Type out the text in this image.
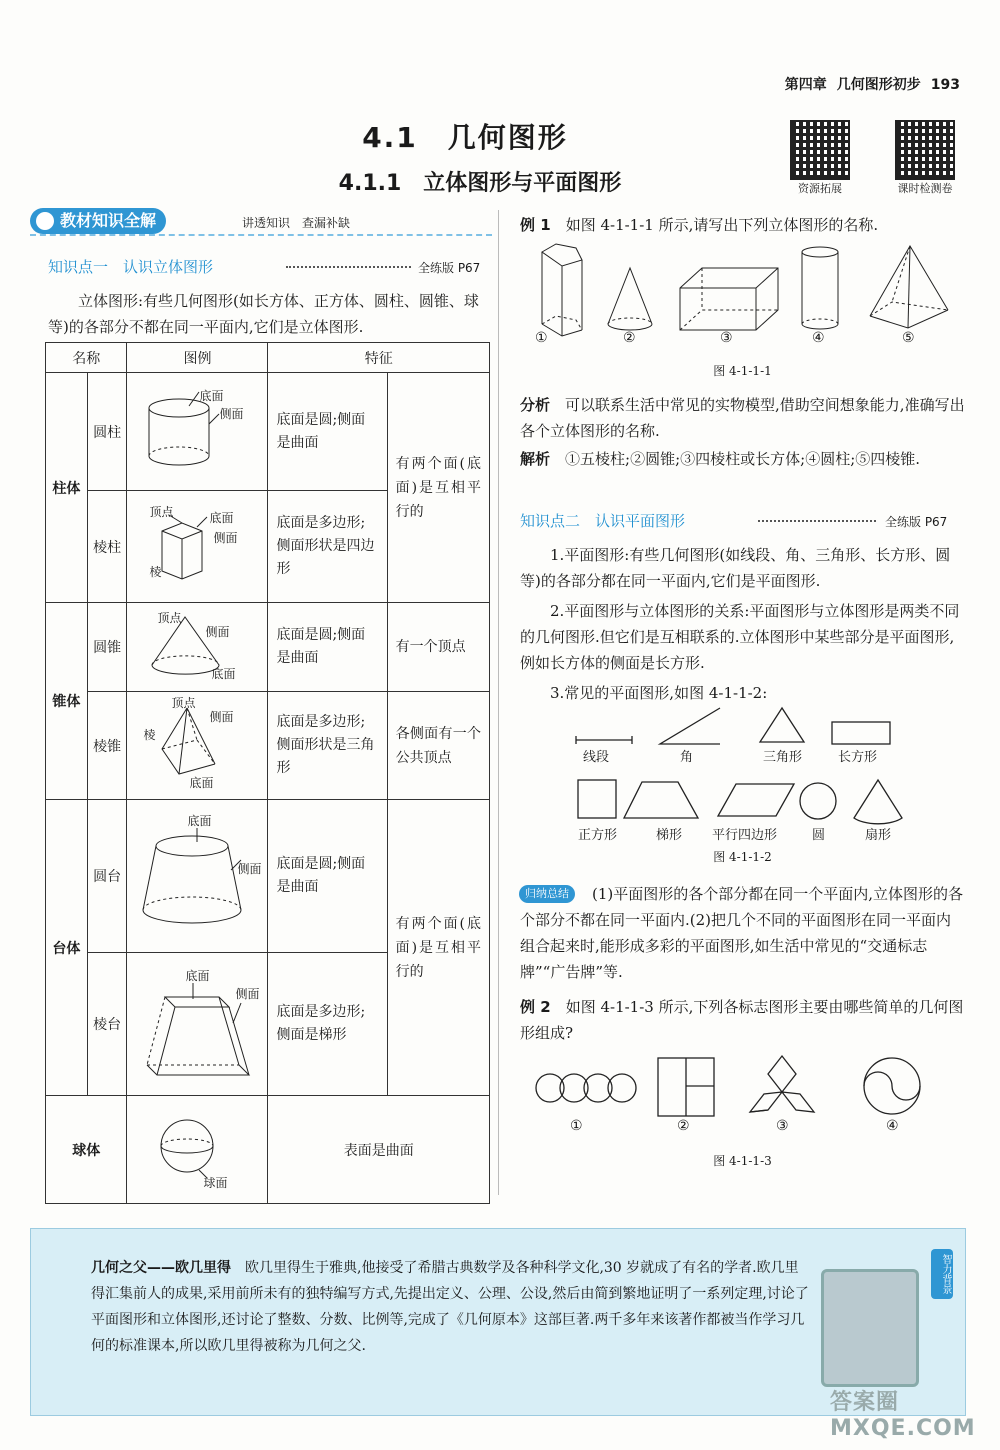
第四章 几何图形初步 193
4.1　几何图形
4.1.1　立体图形与平面图形	资源拓展	课时检测卷
教材知识全解	讲透知识　查漏补缺
知识点一　认识立体图形	全练版 P67

立体图形:有些几何图形(如长方体、正方体、圆柱、圆锥、球等)的各部分不都在同一平面内,它们是立体图形.

名称		图例	特征	
柱体	圆柱	底面
侧面	底面是圆;侧面是曲面	有两个面(底面)是互相平行的
	棱柱	顶点 底面
侧面
棱	底面是多边形;侧面形状是四边形	
锥体	圆锥	顶点
侧面
底面	底面是圆;侧面是曲面	有一个顶点
	棱锥	顶点
侧面
棱
底面	底面是多边形;侧面形状是三角形	各侧面有一个公共顶点
台体	圆台	底面
侧面	底面是圆;侧面是曲面	有两个面(底面)是互相平行的
	棱台	底面
侧面	底面是多边形;侧面是梯形	
球体		球面	表面是曲面	

例 1　 如图 4-1-1-1 所示,请写出下列立体图形的名称.

①	②	③	④	⑤
图 4-1-1-1

分析　 可以联系生活中常见的实物模型,借助空间想象能力,准确写出各个立体图形的名称.

解析　 ①五棱柱;②圆锥;③四棱柱或长方体;④圆柱;⑤四棱锥.

知识点二　认识平面图形	全练版 P67

1.平面图形:有些几何图形(如线段、角、三角形、长方形、圆等)的各部分都在同一平面内,它们是平面图形.

2.平面图形与立体图形的关系:平面图形与立体图形是两类不同的几何图形.但它们是互相联系的.立体图形中某些部分是平面图形,例如长方体的侧面是长方形.

3.常见的平面图形,如图 4-1-1-2:

线段	角	三角形	长方形
正方形	梯形 平行四边形	圆	扇形
图 4-1-1-2
归纳总结	(1)平面图形的各个部分都在同一个平面内,立体图形的各个部分不都在同一平面内.(2)把几个不同的平面图形在同一平面内组合起来时,能形成多彩的平面图形,如生活中常见的“交通标志牌”“广告牌”等.

例 2　 如图 4-1-1-3 所示,下列各标志图形主要由哪些简单的几何图形组成?

①	②	③	④
图 4-1-1-3

几何之父——欧几里得　 欧几里得生于雅典,他接受了希腊古典数学及各种科学文化,30 岁就成了有名的学者.欧几里得汇集前人的成果,采用前所未有的独特编写方式,先提出定义、公理、公设,然后由简到繁地证明了一系列定理,讨论了平面图形和立体图形,还讨论了整数、分数、比例等,完成了《几何原本》这部巨著.两千多年来该著作都被当作学习几何的标准课本,所以欧几里得被称为几何之父.

智力背景
答案圈 MXQE.COM
